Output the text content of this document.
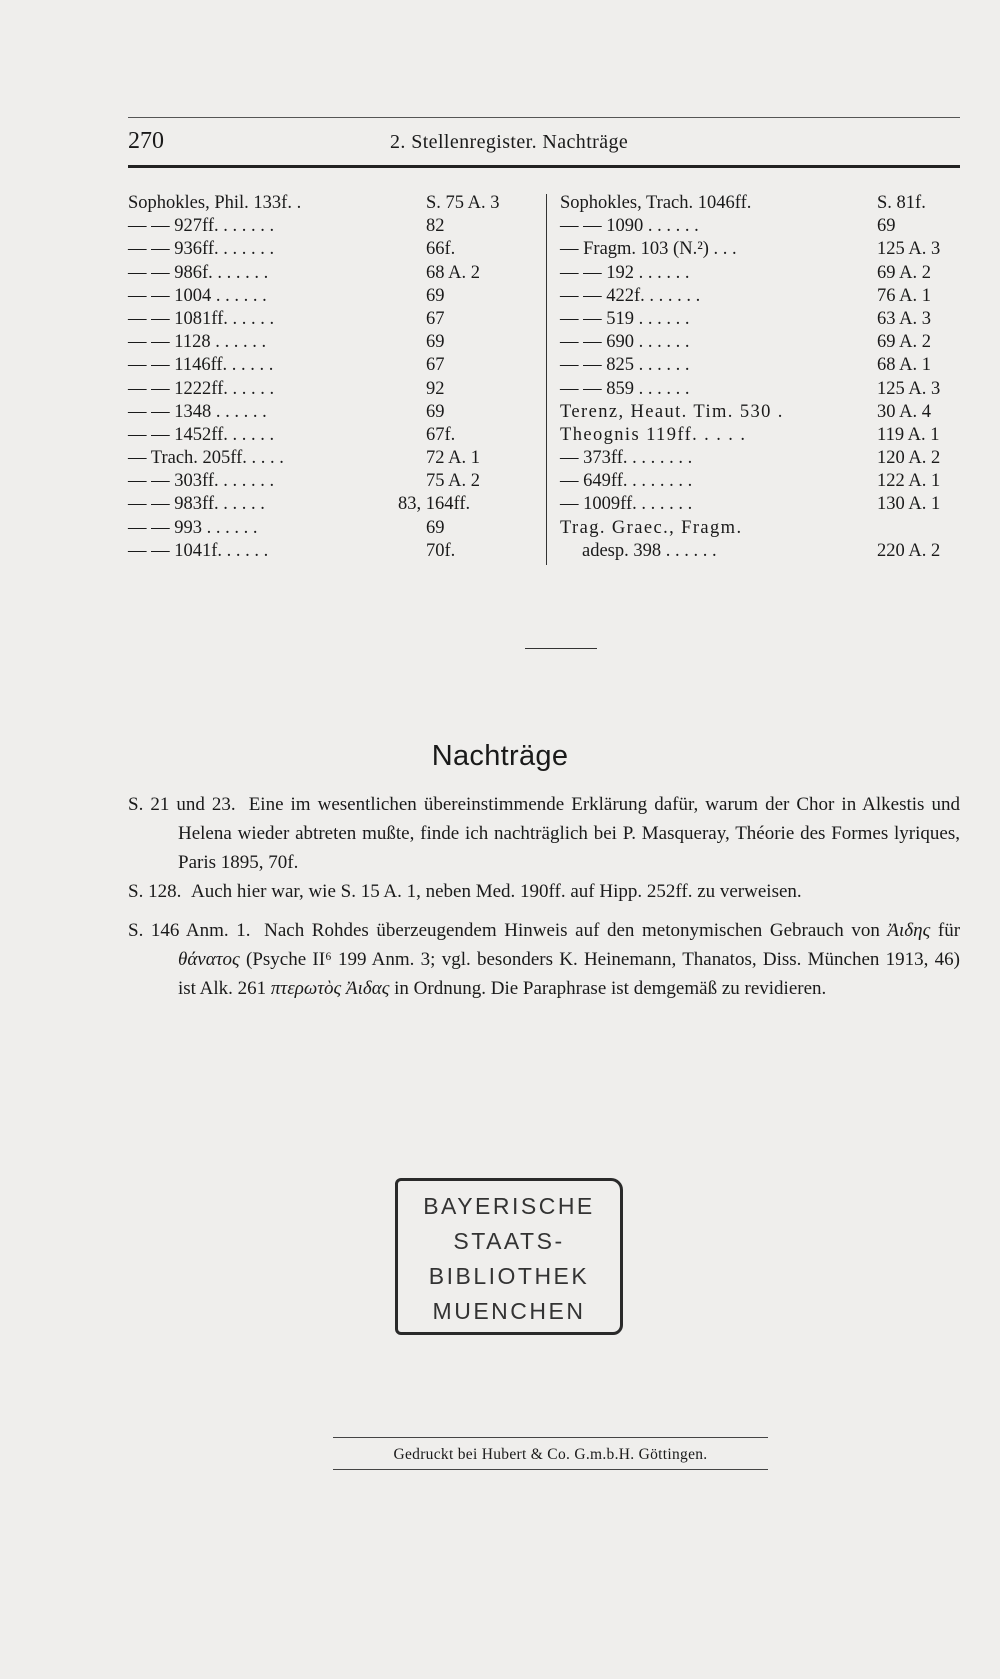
270	2. Stellenregister. Nachträge
Sophokles, Phil. 133f. .	S. 75 A. 3
— — 927ff. . . . . . .	82
— — 936ff. . . . . . .	66f.
— — 986f. . . . . . .	68 A. 2
— — 1004 . . . . . .	69
— — 1081ff. . . . . .	67
— — 1128 . . . . . .	69
— — 1146ff. . . . . .	67
— — 1222ff. . . . . .	92
— — 1348 . . . . . .	69
— — 1452ff. . . . . .	67f.
— Trach. 205ff. . . . .	72 A. 1
— — 303ff. . . . . . .	75 A. 2
— — 983ff. . . . . .	83, 164ff.
— — 993 . . . . . .	69
— — 1041f. . . . . .	70f.
Sophokles, Trach. 1046ff.	S. 81f.
— — 1090 . . . . . .	69
— Fragm. 103 (N.²) . . .	125 A. 3
— — 192 . . . . . .	69 A. 2
— — 422f. . . . . . .	76 A. 1
— — 519 . . . . . .	63 A. 3
— — 690 . . . . . .	69 A. 2
— — 825 . . . . . .	68 A. 1
— — 859 . . . . . .	125 A. 3
Terenz, Heaut. Tim. 530 .	30 A. 4
Theognis 119ff. . . . .	119 A. 1
— 373ff. . . . . . . .	120 A. 2
— 649ff. . . . . . . .	122 A. 1
— 1009ff. . . . . . .	130 A. 1
Trag. Graec., Fragm.
adesp. 398 . . . . . .	220 A. 2
Nachträge
S. 21 und 23. Eine im wesentlichen übereinstimmende Erklärung dafür, warum der Chor in Alkestis und Helena wieder abtreten mußte, finde ich nachträglich bei P. Masqueray, Théorie des Formes lyriques, Paris 1895, 70f.
S. 128. Auch hier war, wie S. 15 A. 1, neben Med. 190ff. auf Hipp. 252ff. zu verweisen.
S. 146 Anm. 1. Nach Rohdes überzeugendem Hinweis auf den metonymischen Gebrauch von Ἀιδης für θάνατος (Psyche II⁶ 199 Anm. 3; vgl. besonders K. Heinemann, Thanatos, Diss. München 1913, 46) ist Alk. 261 πτερωτὸς Ἀιδας in Ordnung. Die Paraphrase ist demgemäß zu revidieren.
BAYERISCHE
STAATS-
BIBLIOTHEK
MUENCHEN
Gedruckt bei Hubert & Co. G.m.b.H. Göttingen.
